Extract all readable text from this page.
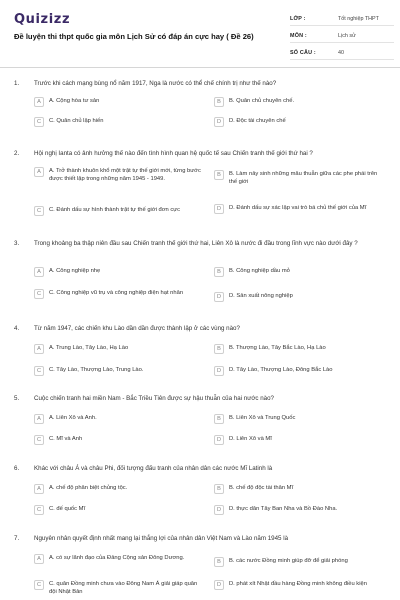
Quizizz
Đề luyện thi thpt quốc gia môn Lịch Sử có đáp án cực hay ( Đề 26)
LỚP :	Tốt nghiệp THPT
MÔN :	Lịch sử
SỐ CÂU :	40
1.	Trước khi cách mạng bùng nổ năm 1917, Nga là nước có thể chế chính trị như thế nào?
A	A. Cộng hòa tư sản	B	B. Quân chủ chuyên chế.
C	C. Quân chủ lập hiến	D	D. Độc tài chuyên chế
2.	Hội nghị Ianta có ảnh hưởng thế nào đến tình hình quan hệ quốc tế sau Chiến tranh thế giới thứ hai ?
A	A. Trở thành khuôn khổ một trật tự thế giới mới, từng bước được thiết lập trong những năm 1945 - 1949.
B	B. Làm nảy sinh những mâu thuẫn giữa các phe phái trên thế giới
C	C. Đánh dấu sự hình thành trật tự thế giới đơn cực	D	D. Đánh dấu sự xác lập vai trò bá chủ thế giới của Mĩ
3.	Trong khoảng ba thập niên đầu sau Chiến tranh thế giới thứ hai, Liên Xô là nước đi đầu trong lĩnh vực nào dưới đây ?
A	A. Công nghiệp nhẹ	B	B. Công nghiệp dầu mỏ
C	C. Công nghiệp vũ trụ và công nghiệp điện hạt nhân
D	D. Sản xuất nông nghiệp
4.	Từ năm 1947, các chiến khu Lào dần dần được thành lập ở các vùng nào?
A	A. Trung Lào, Tây Lào, Hạ Lào	B	B. Thượng Lào, Tây Bắc Lào, Hạ Lào
C	C. Tây Lào, Thượng Lào, Trung Lào.	D	D. Tây Lào, Thượng Lào, Đông Bắc Lào
5.	Cuộc chiến tranh hai miền Nam - Bắc Triều Tiên được sự hậu thuẫn của hai nước nào?
A	A. Liên Xô và Anh.	B	B. Liên Xô và Trung Quốc
C	C. Mĩ và Anh	D	D. Liên Xô và Mĩ
6.	Khác với châu Á và châu Phi, đối tượng đấu tranh của nhân dân các nước Mĩ Latinh là
A	A. chế độ phân biệt chủng tộc.	B	B. chế độ độc tài thân Mĩ
C	C. đế quốc Mĩ	D	D. thực dân Tây Ban Nha và Bồ Đào Nha.
7.	Nguyên nhân quyết định nhất mang lại thắng lợi của nhân dân Việt Nam và Lào năm 1945 là
A	A. có sự lãnh đạo của Đảng Cộng sản Đông Dương.
B	B. các nước Đồng minh giúp đỡ để giải phóng
C	C. quân Đồng minh chưa vào Đông Nam Á giải giáp quân đội Nhật Bản
D	D. phát xít Nhật đầu hàng Đồng minh không điều kiện
